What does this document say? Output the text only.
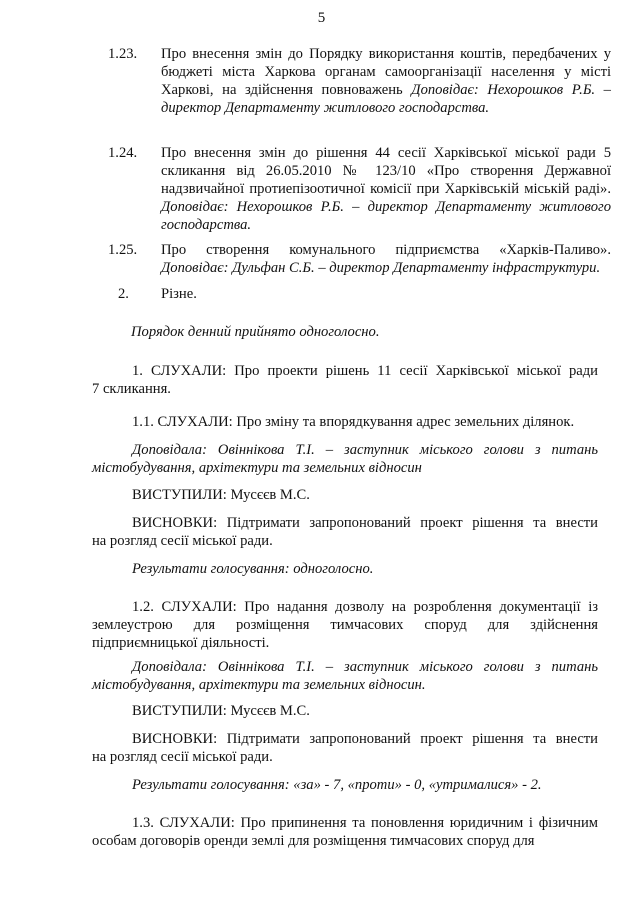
5
1.23. Про внесення змін до Порядку використання коштів, передбачених у бюджеті міста Харкова органам самоорганізації населення у місті Харкові, на здійснення повноважень Доповідає: Нехорошков Р.Б. – директор Департаменту житлового господарства.
1.24. Про внесення змін до рішення 44 сесії Харківської міської ради 5 скликання від 26.05.2010 № 123/10 «Про створення Державної надзвичайної протиепізоотичної комісії при Харківській міській раді». Доповідає: Нехорошков Р.Б. – директор Департаменту житлового господарства.
1.25. Про створення комунального підприємства «Харків-Паливо». Доповідає: Дульфан С.Б. – директор Департаменту інфраструктури.
2. Різне.
Порядок денний прийнято одноголосно.
1. СЛУХАЛИ: Про проекти рішень 11 сесії Харківської міської ради 7 скликання.
1.1. СЛУХАЛИ: Про зміну та впорядкування адрес земельних ділянок.
Доповідала: Овіннікова Т.І. – заступник міського голови з питань містобудування, архітектури та земельних відносин
ВИСТУПИЛИ: Мусєєв М.С.
ВИСНОВКИ: Підтримати запропонований проект рішення та внести на розгляд сесії міської ради.
Результати голосування: одноголосно.
1.2. СЛУХАЛИ: Про надання дозволу на розроблення документації із землеустрою для розміщення тимчасових споруд для здійснення підприємницької діяльності.
Доповідала: Овіннікова Т.І. – заступник міського голови з питань містобудування, архітектури та земельних відносин.
ВИСТУПИЛИ: Мусєєв М.С.
ВИСНОВКИ: Підтримати запропонований проект рішення та внести на розгляд сесії міської ради.
Результати голосування: «за» - 7, «проти» - 0, «утрималися» - 2.
1.3. СЛУХАЛИ: Про припинення та поновлення юридичним і фізичним особам договорів оренди землі для розміщення тимчасових споруд для
